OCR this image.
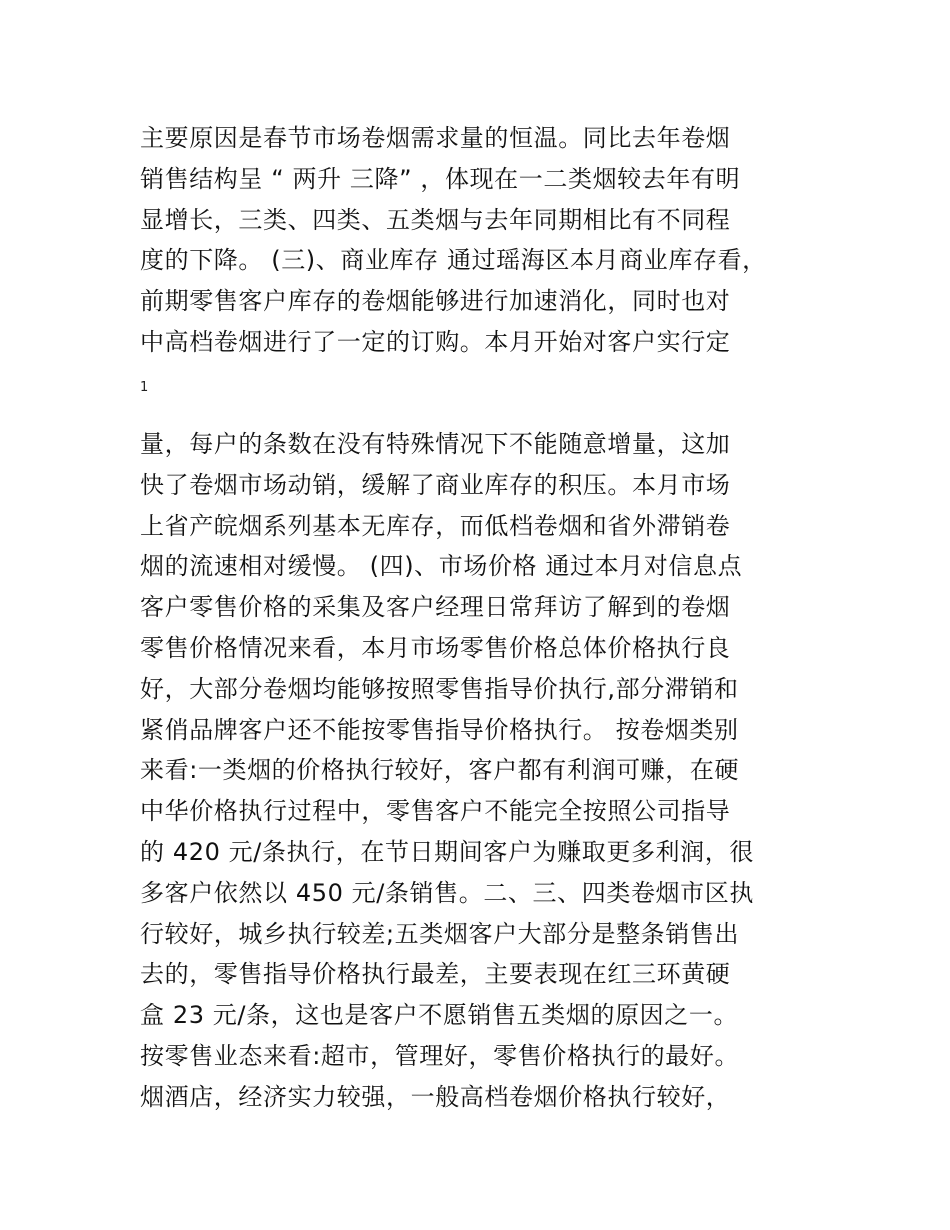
主要原因是春节市场卷烟需求量的恒温。同比去年卷烟
销售结构呈 “ 两升 三降” ，体现在一二类烟较去年有明
显增长，三类、四类、五类烟与去年同期相比有不同程
度的下降。 (三)、商业库存 通过瑶海区本月商业库存看，
前期零售客户库存的卷烟能够进行加速消化，同时也对
中高档卷烟进行了一定的订购。本月开始对客户实行定
1
量，每户的条数在没有特殊情况下不能随意增量，这加
快了卷烟市场动销，缓解了商业库存的积压。本月市场
上省产皖烟系列基本无库存，而低档卷烟和省外滞销卷
烟的流速相对缓慢。 (四)、市场价格 通过本月对信息点
客户零售价格的采集及客户经理日常拜访了解到的卷烟
零售价格情况来看，本月市场零售价格总体价格执行良
好，大部分卷烟均能够按照零售指导价执行,部分滞销和
紧俏品牌客户还不能按零售指导价格执行。 按卷烟类别
来看:一类烟的价格执行较好，客户都有利润可赚，在硬
中华价格执行过程中，零售客户不能完全按照公司指导
的 420 元/条执行，在节日期间客户为赚取更多利润，很
多客户依然以 450 元/条销售。二、三、四类卷烟市区执
行较好，城乡执行较差;五类烟客户大部分是整条销售出
去的，零售指导价格执行最差，主要表现在红三环黄硬
盒 23 元/条，这也是客户不愿销售五类烟的原因之一。
按零售业态来看:超市，管理好，零售价格执行的最好。
烟酒店，经济实力较强，一般高档卷烟价格执行较好，
